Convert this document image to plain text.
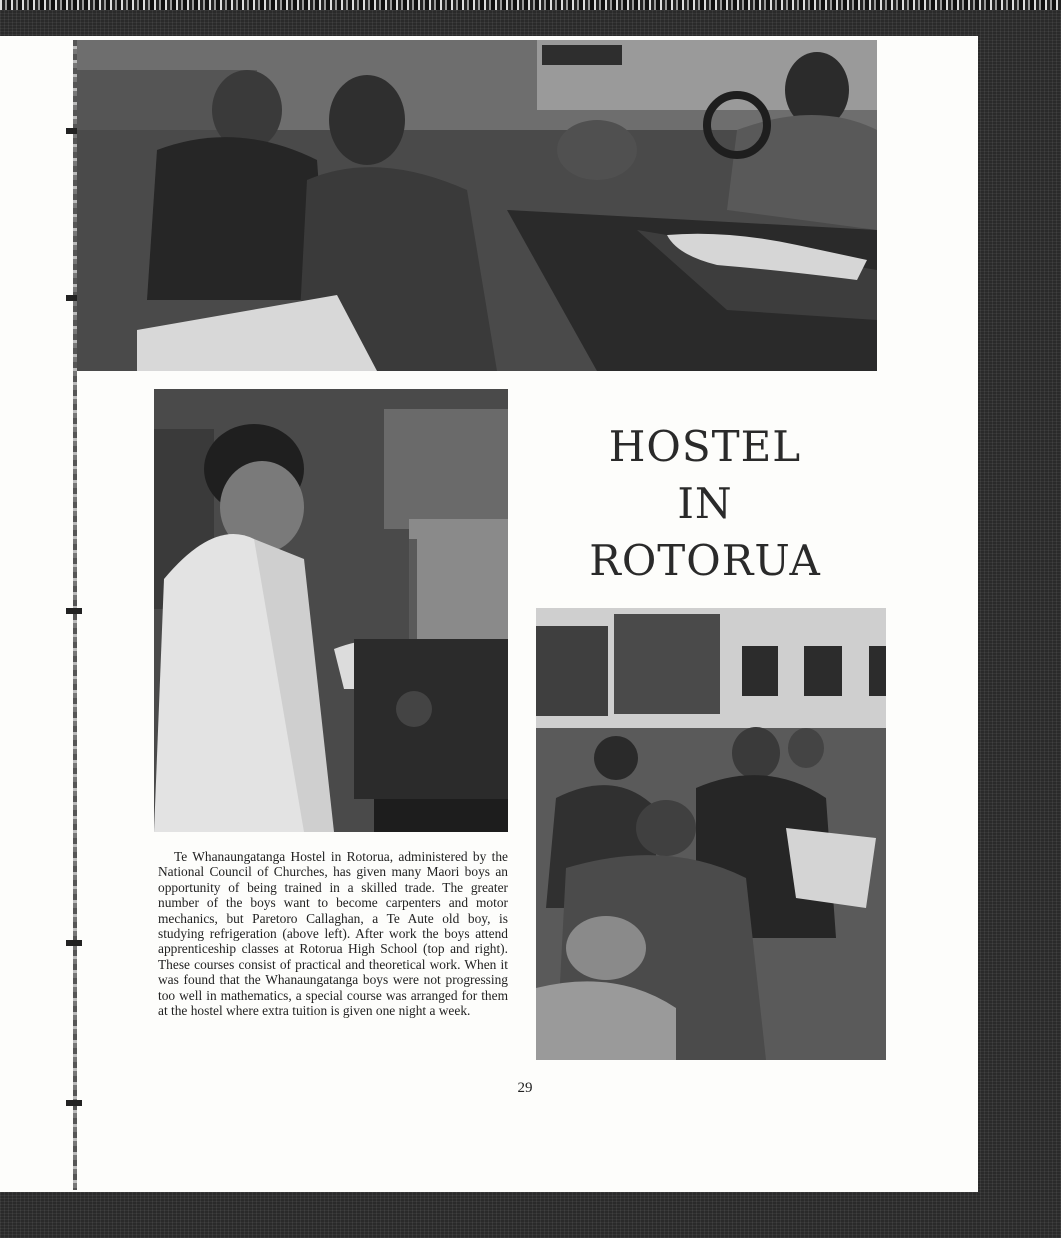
HOSTEL
IN
ROTORUA

Te Whanaungatanga Hostel in Rotorua, administered by the National Council of Churches, has given many Maori boys an opportunity of being trained in a skilled trade. The greater number of the boys want to become carpenters and motor mechanics, but Paretoro Callaghan, a Te Aute old boy, is studying refrigeration (above left). After work the boys attend apprenticeship classes at Rotorua High School (top and right). These courses consist of practical and theoretical work. When it was found that the Whanaungatanga boys were not progressing too well in mathematics, a special course was arranged for them at the hostel where extra tuition is given one night a week.

29
